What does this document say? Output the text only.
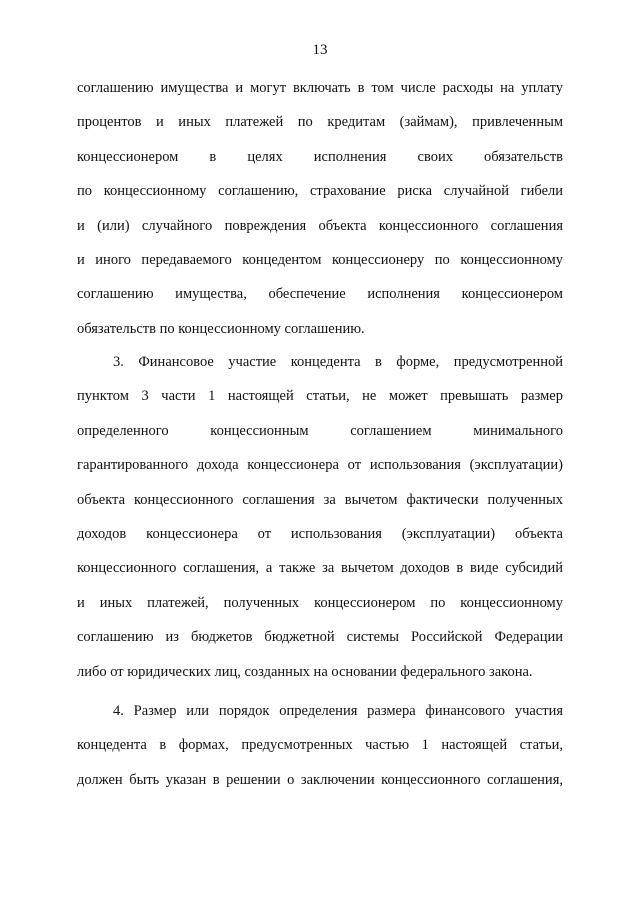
13
соглашению имущества и могут включать в том числе расходы на уплату
процентов и иных платежей по кредитам (займам), привлеченным
концессионером в целях исполнения своих обязательств
по концессионному соглашению, страхование риска случайной гибели
и (или) случайного повреждения объекта концессионного соглашения
и иного передаваемого концедентом концессионеру по концессионному
соглашению имущества, обеспечение исполнения концессионером
обязательств по концессионному соглашению.
3. Финансовое участие концедента в форме, предусмотренной
пунктом 3 части 1 настоящей статьи, не может превышать размер
определенного концессионным соглашением минимального
гарантированного дохода концессионера от использования (эксплуатации)
объекта концессионного соглашения за вычетом фактически полученных
доходов концессионера от использования (эксплуатации) объекта
концессионного соглашения, а также за вычетом доходов в виде субсидий
и иных платежей, полученных концессионером по концессионному
соглашению из бюджетов бюджетной системы Российской Федерации
либо от юридических лиц, созданных на основании федерального закона.
4. Размер или порядок определения размера финансового участия
концедента в формах, предусмотренных частью 1 настоящей статьи,
должен быть указан в решении о заключении концессионного соглашения,
